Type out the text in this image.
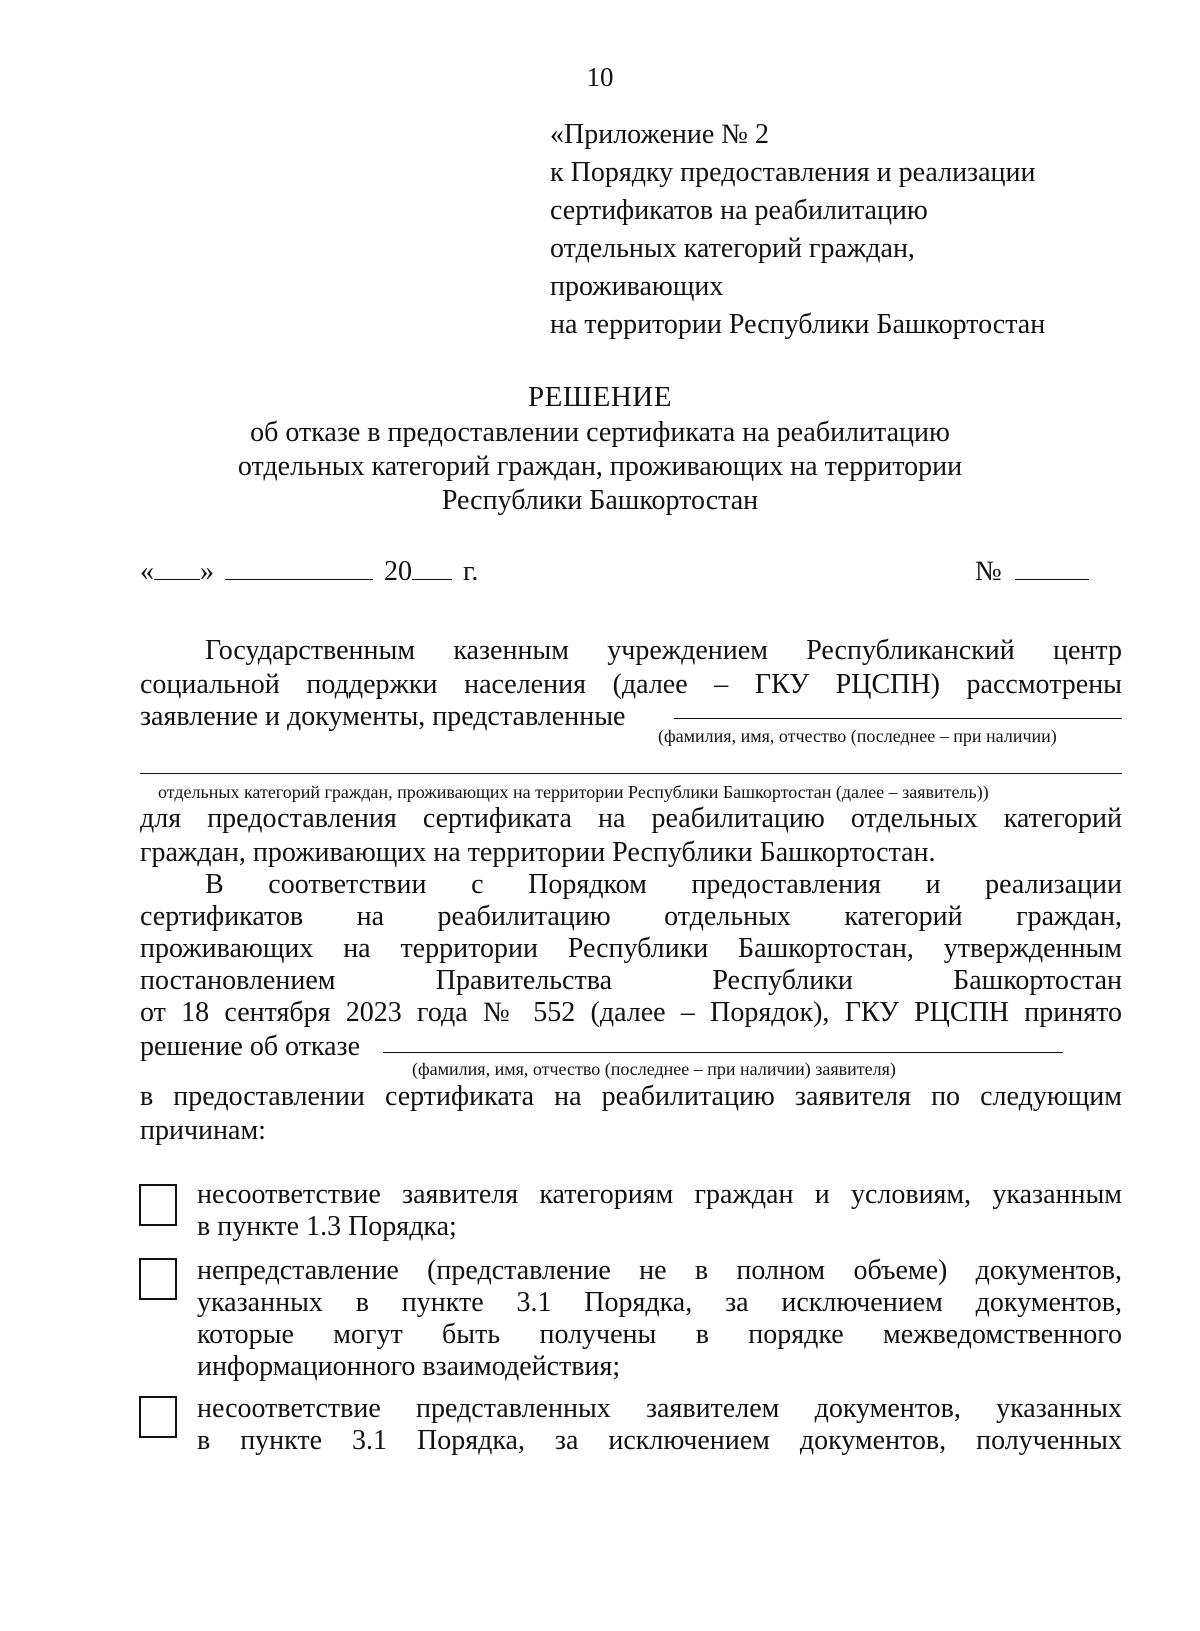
10
«Приложение № 2
к Порядку предоставления и реализации
сертификатов на реабилитацию
отдельных категорий граждан,
проживающих
на территории Республики Башкортостан
РЕШЕНИЕ
об отказе в предоставлении сертификата на реабилитацию
отдельных категорий граждан, проживающих на территории
Республики Башкортостан
« »	20 г.	№
Государственным казенным учреждением Республиканский центр
социальной поддержки населения (далее – ГКУ РЦСПН) рассмотрены
заявление и документы, представленные
(фамилия, имя, отчество (последнее – при наличии)
отдельных категорий граждан, проживающих на территории Республики Башкортостан (далее – заявитель))
для предоставления сертификата на реабилитацию отдельных категорий
граждан, проживающих на территории Республики Башкортостан.
В соответствии с Порядком предоставления и реализации
сертификатов на реабилитацию отдельных категорий граждан,
проживающих на территории Республики Башкортостан, утвержденным
постановлением Правительства Республики Башкортостан
от 18 сентября 2023 года № 552 (далее – Порядок), ГКУ РЦСПН принято
решение об отказе
(фамилия, имя, отчество (последнее – при наличии) заявителя)
в предоставлении сертификата на реабилитацию заявителя по следующим
причинам:
несоответствие заявителя категориям граждан и условиям, указанным
в пункте 1.3 Порядка;
непредставление (представление не в полном объеме) документов,
указанных в пункте 3.1 Порядка, за исключением документов,
которые могут быть получены в порядке межведомственного
информационного взаимодействия;
несоответствие представленных заявителем документов, указанных
в пункте 3.1 Порядка, за исключением документов, полученных
